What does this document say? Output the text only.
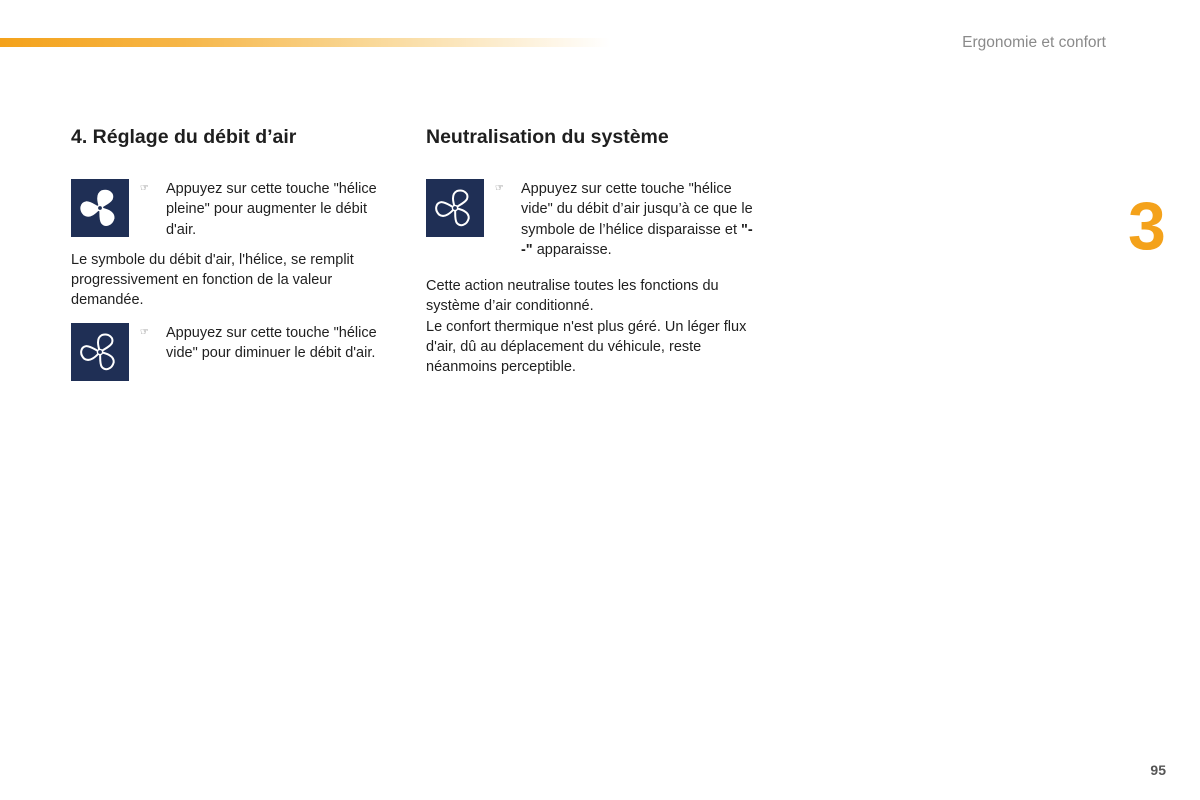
Ergonomie et confort
3
95
4. Réglage du débit d’air
☞ Appuyez sur cette touche "hélice pleine" pour augmenter le débit d'air.

Le symbole du débit d'air, l'hélice, se remplit progressivement en fonction de la valeur demandée.

☞ Appuyez sur cette touche "hélice vide" pour diminuer le débit d'air.
Neutralisation du système
☞ Appuyez sur cette touche "hélice vide" du débit d’air jusqu’à ce que le symbole de l’hélice disparaisse et "- -" apparaisse.

Cette action neutralise toutes les fonctions du système d’air conditionné.
Le confort thermique n'est plus géré. Un léger flux d'air, dû au déplacement du véhicule, reste néanmoins perceptible.
